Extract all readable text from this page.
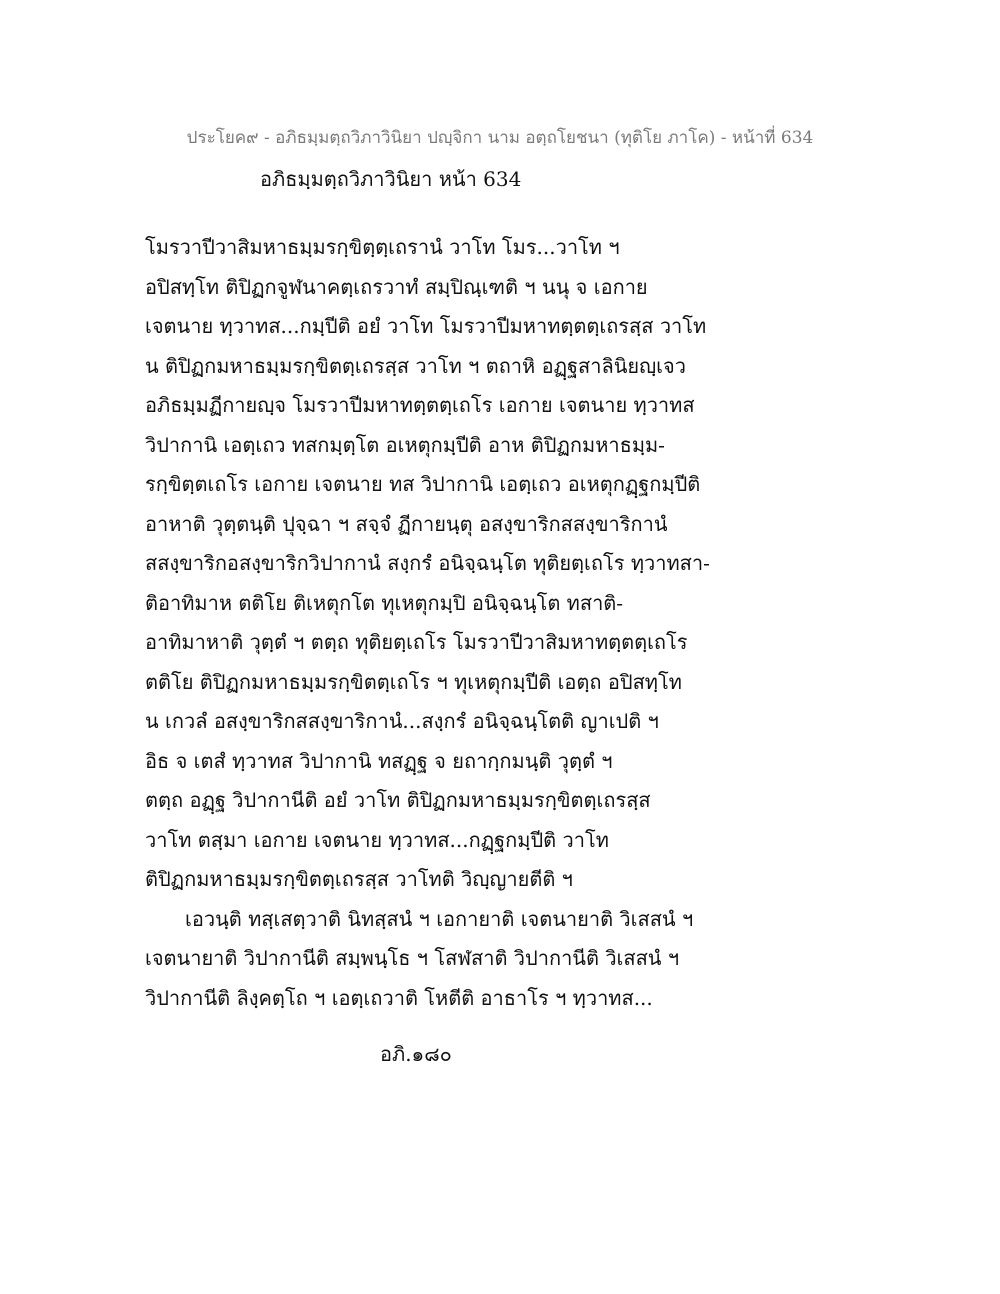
ประโยค๙ - อภิธมฺมตฺถวิภาวินิยา ปญฺจิกา นาม อตฺถโยชนา (ทุติโย ภาโค) - หน้าที่ 634
อภิธมฺมตฺถวิภาวินิยา หน้า 634
โมรวาปีวาสิมหาธมฺมรกฺขิตฺตฺเถรานํ วาโท โมร...วาโท ฯ
อปิสทฺโท ติปิฏกจูฬนาคตฺเถรวาทํ สมฺปิณฺเฑติ ฯ นนุ จ เอกาย
เจตนาย ทฺวาทส...กมฺปีติ อยํ วาโท โมรวาปีมหาทตฺตตฺเถรสฺส วาโท
น ติปิฏกมหาธมฺมรกฺขิตตฺเถรสฺส วาโท ฯ ตถาหิ อฏฺฐสาลินิยญฺเจว
อภิธมฺมฏีกายญฺจ โมรวาปีมหาทตฺตตฺเถโร เอกาย เจตนาย ทฺวาทส
วิปากานิ เอตฺเถว ทสกมฺตฺโต อเหตุกมฺปีติ อาห ติปิฏกมหาธมฺม-
รกฺขิตฺตเถโร เอกาย เจตนาย ทส วิปากานิ เอตฺเถว อเหตุกฏฺฐกมฺปีติ
อาหาติ วุตฺตนฺติ ปุจฺฉา ฯ สจฺจํ ฏีกายนฺตุ อสงฺขาริกสสงฺขาริกานํ
สสงฺขาริกอสงฺขาริกวิปากานํ สงฺกรํ อนิจฺฉนฺโต ทุติยตฺเถโร ทฺวาทสา-
ติอาทิมาห ตติโย ติเหตุกโต ทุเหตุกมฺปิ อนิจฺฉนฺโต ทสาติ-
อาทิมาหาติ วุตฺตํ ฯ ตตฺถ ทุติยตฺเถโร โมรวาปีวาสิมหาทตฺตตฺเถโร
ตติโย ติปิฏกมหาธมฺมรกฺขิตตฺเถโร ฯ ทุเหตุกมฺปีติ เอตฺถ อปิสทฺโท
น เกวลํ อสงฺขาริกสสงฺขาริกานํ...สงฺกรํ อนิจฺฉนฺโตติ ญาเปติ ฯ
อิธ จ เตสํ ทฺวาทส วิปากานิ ทสฏฺฐ จ ยถากฺกมนฺติ วุตฺตํ ฯ
ตตฺถ อฏฺฐ วิปากานีติ อยํ วาโท ติปิฏกมหาธมฺมรกฺขิตตฺเถรสฺส
วาโท ตสฺมา เอกาย เจตนาย ทฺวาทส...กฏฺฐกมฺปีติ วาโท
ติปิฏกมหาธมฺมรกฺขิตตฺเถรสฺส วาโทติ วิญฺญายตีติ ฯ
เอวนฺติ ทสฺเสตฺวาติ นิทสฺสนํ ฯ เอกายาติ เจตนายาติ วิเสสนํ ฯ
เจตนายาติ วิปากานีติ สมฺพนฺโธ ฯ โสฬสาติ วิปากานีติ วิเสสนํ ฯ
วิปากานีติ ลิงฺคตฺโถ ฯ เอตฺเถวาติ โหตีติ อาธาโร ฯ ทฺวาทส...
อภิ.๑๘๐
